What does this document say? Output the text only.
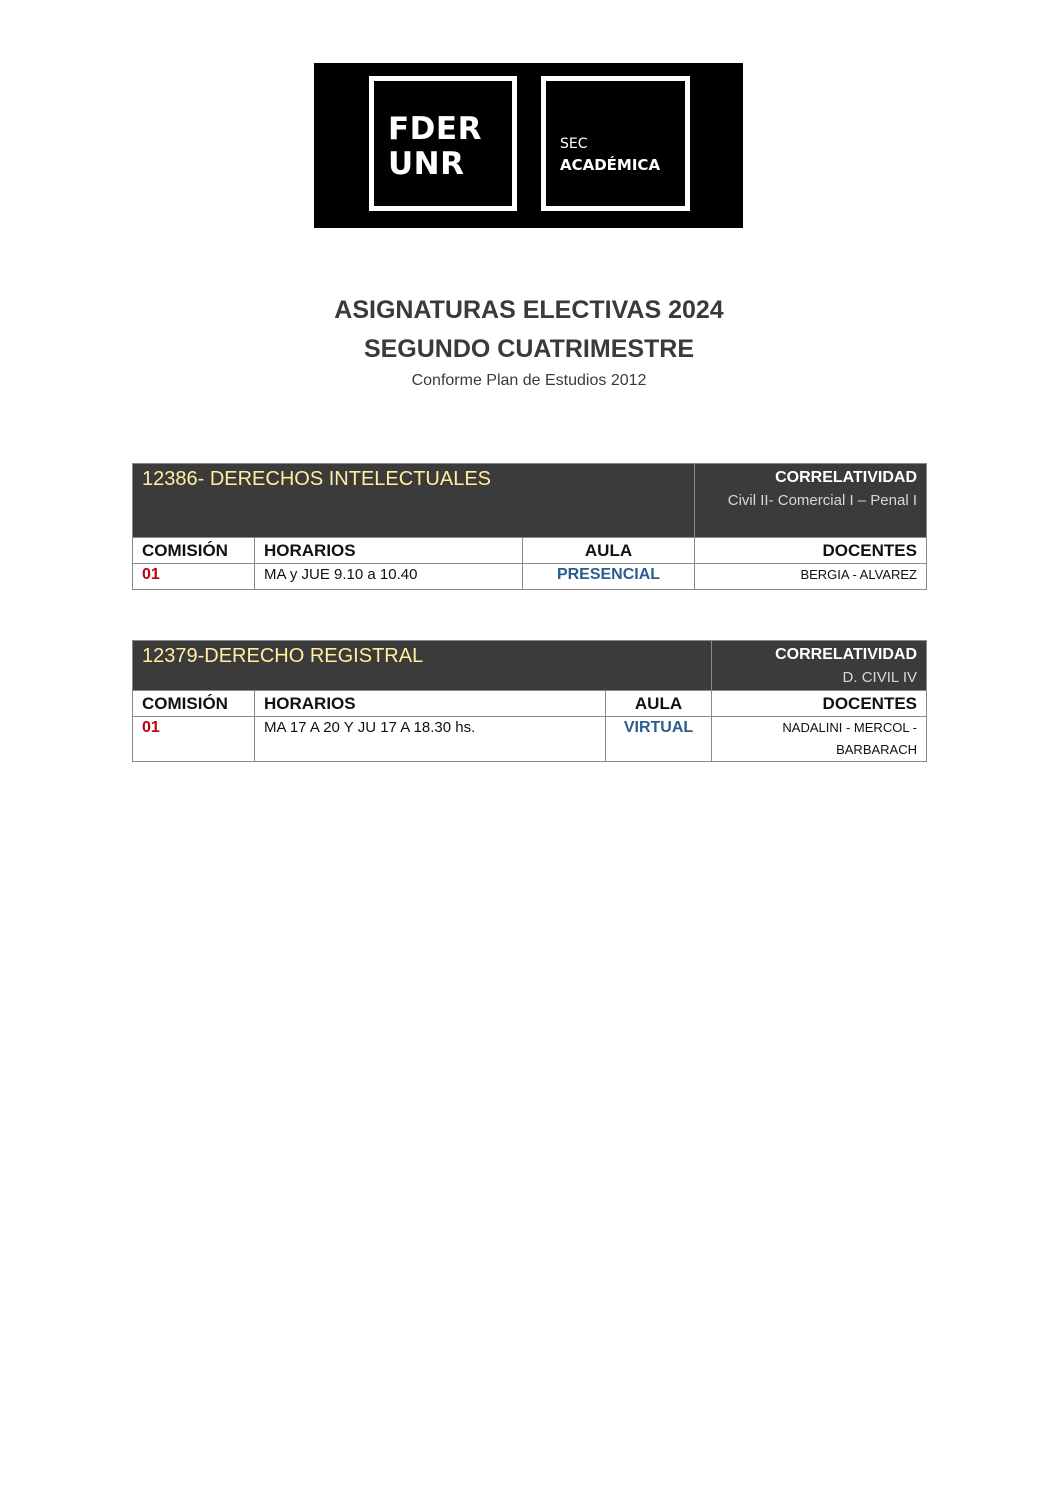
FDER
UNR
SEC
ACADÉMICA
ASIGNATURAS ELECTIVAS 2024
SEGUNDO CUATRIMESTRE
Conforme Plan de Estudios 2012
12386- DERECHOS INTELECTUALES			CORRELATIVIDAD
Civil II- Comercial I – Penal I
COMISIÓN	HORARIOS	AULA	DOCENTES
01	MA y JUE 9.10 a 10.40	PRESENCIAL	BERGIA - ALVAREZ
12379-DERECHO REGISTRAL			CORRELATIVIDAD
D. CIVIL IV
COMISIÓN	HORARIOS	AULA	DOCENTES
01	MA 17 A 20 Y JU 17 A 18.30 hs.	VIRTUAL	NADALINI - MERCOL - BARBARACH
